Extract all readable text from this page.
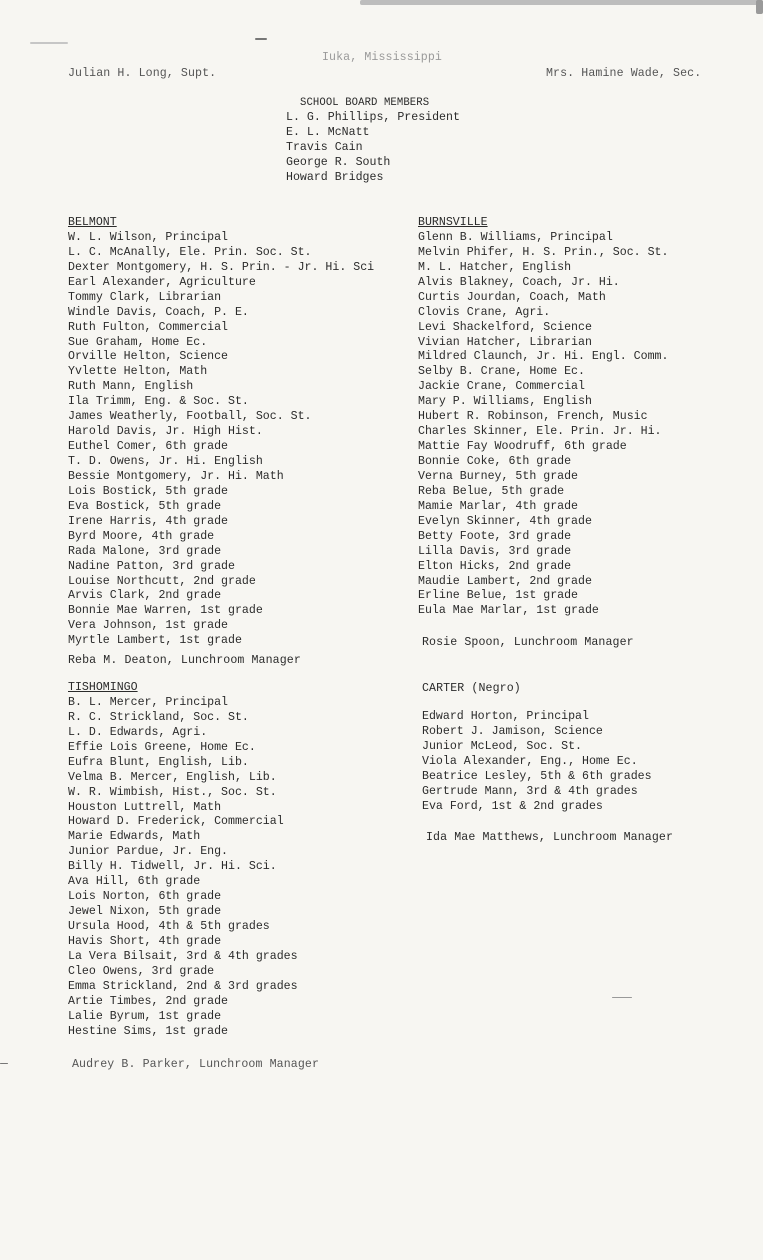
Iuka, Mississippi
Julian H. Long, Supt.	Mrs. Hamine Wade, Sec.
SCHOOL BOARD MEMBERS
L. G. Phillips, President
E. L. McNatt
Travis Cain
George R. South
Howard Bridges
BELMONT
W. L. Wilson, Principal
L. C. McAnally, Ele. Prin. Soc. St.
Dexter Montgomery, H. S. Prin. - Jr. Hi. Sci
Earl Alexander, Agriculture
Tommy Clark, Librarian
Windle Davis, Coach, P. E.
Ruth Fulton, Commercial
Sue Graham, Home Ec.
Orville Helton, Science
Yvlette Helton, Math
Ruth Mann, English
Ila Trimm, Eng. & Soc. St.
James Weatherly, Football, Soc. St.
Harold Davis, Jr. High Hist.
Euthel Comer, 6th grade
T. D. Owens, Jr. Hi. English
Bessie Montgomery, Jr. Hi. Math
Lois Bostick, 5th grade
Eva Bostick, 5th grade
Irene Harris, 4th grade
Byrd Moore, 4th grade
Rada Malone, 3rd grade
Nadine Patton, 3rd grade
Louise Northcutt, 2nd grade
Arvis Clark, 2nd grade
Bonnie Mae Warren, 1st grade
Vera Johnson, 1st grade
Myrtle Lambert, 1st grade
Reba M. Deaton, Lunchroom Manager
BURNSVILLE
Glenn B. Williams, Principal
Melvin Phifer, H. S. Prin., Soc. St.
M. L. Hatcher, English
Alvis Blakney, Coach, Jr. Hi.
Curtis Jourdan, Coach, Math
Clovis Crane, Agri.
Levi Shackelford, Science
Vivian Hatcher, Librarian
Mildred Claunch, Jr. Hi. Engl. Comm.
Selby B. Crane, Home Ec.
Jackie Crane, Commercial
Mary P. Williams, English
Hubert R. Robinson, French, Music
Charles Skinner, Ele. Prin. Jr. Hi.
Mattie Fay Woodruff, 6th grade
Bonnie Coke, 6th grade
Verna Burney, 5th grade
Reba Belue, 5th grade
Mamie Marlar, 4th grade
Evelyn Skinner, 4th grade
Betty Foote, 3rd grade
Lilla Davis, 3rd grade
Elton Hicks, 2nd grade
Maudie Lambert, 2nd grade
Erline Belue, 1st grade
Eula Mae Marlar, 1st grade
Rosie Spoon, Lunchroom Manager
TISHOMINGO
B. L. Mercer, Principal
R. C. Strickland, Soc. St.
L. D. Edwards, Agri.
Effie Lois Greene, Home Ec.
Eufra Blunt, English, Lib.
Velma B. Mercer, English, Lib.
W. R. Wimbish, Hist., Soc. St.
Houston Luttrell, Math
Howard D. Frederick, Commercial
Marie Edwards, Math
Junior Pardue, Jr. Eng.
Billy H. Tidwell, Jr. Hi. Sci.
Ava Hill, 6th grade
Lois Norton, 6th grade
Jewel Nixon, 5th grade
Ursula Hood, 4th & 5th grades
Havis Short, 4th grade
La Vera Bilsait, 3rd & 4th grades
Cleo Owens, 3rd grade
Emma Strickland, 2nd & 3rd grades
Artie Timbes, 2nd grade
Lalie Byrum, 1st grade
Hestine Sims, 1st grade
Audrey B. Parker, Lunchroom Manager
CARTER (Negro)
Edward Horton, Principal
Robert J. Jamison, Science
Junior McLeod, Soc. St.
Viola Alexander, Eng., Home Ec.
Beatrice Lesley, 5th & 6th grades
Gertrude Mann, 3rd & 4th grades
Eva Ford, 1st & 2nd grades
Ida Mae Matthews, Lunchroom Manager
